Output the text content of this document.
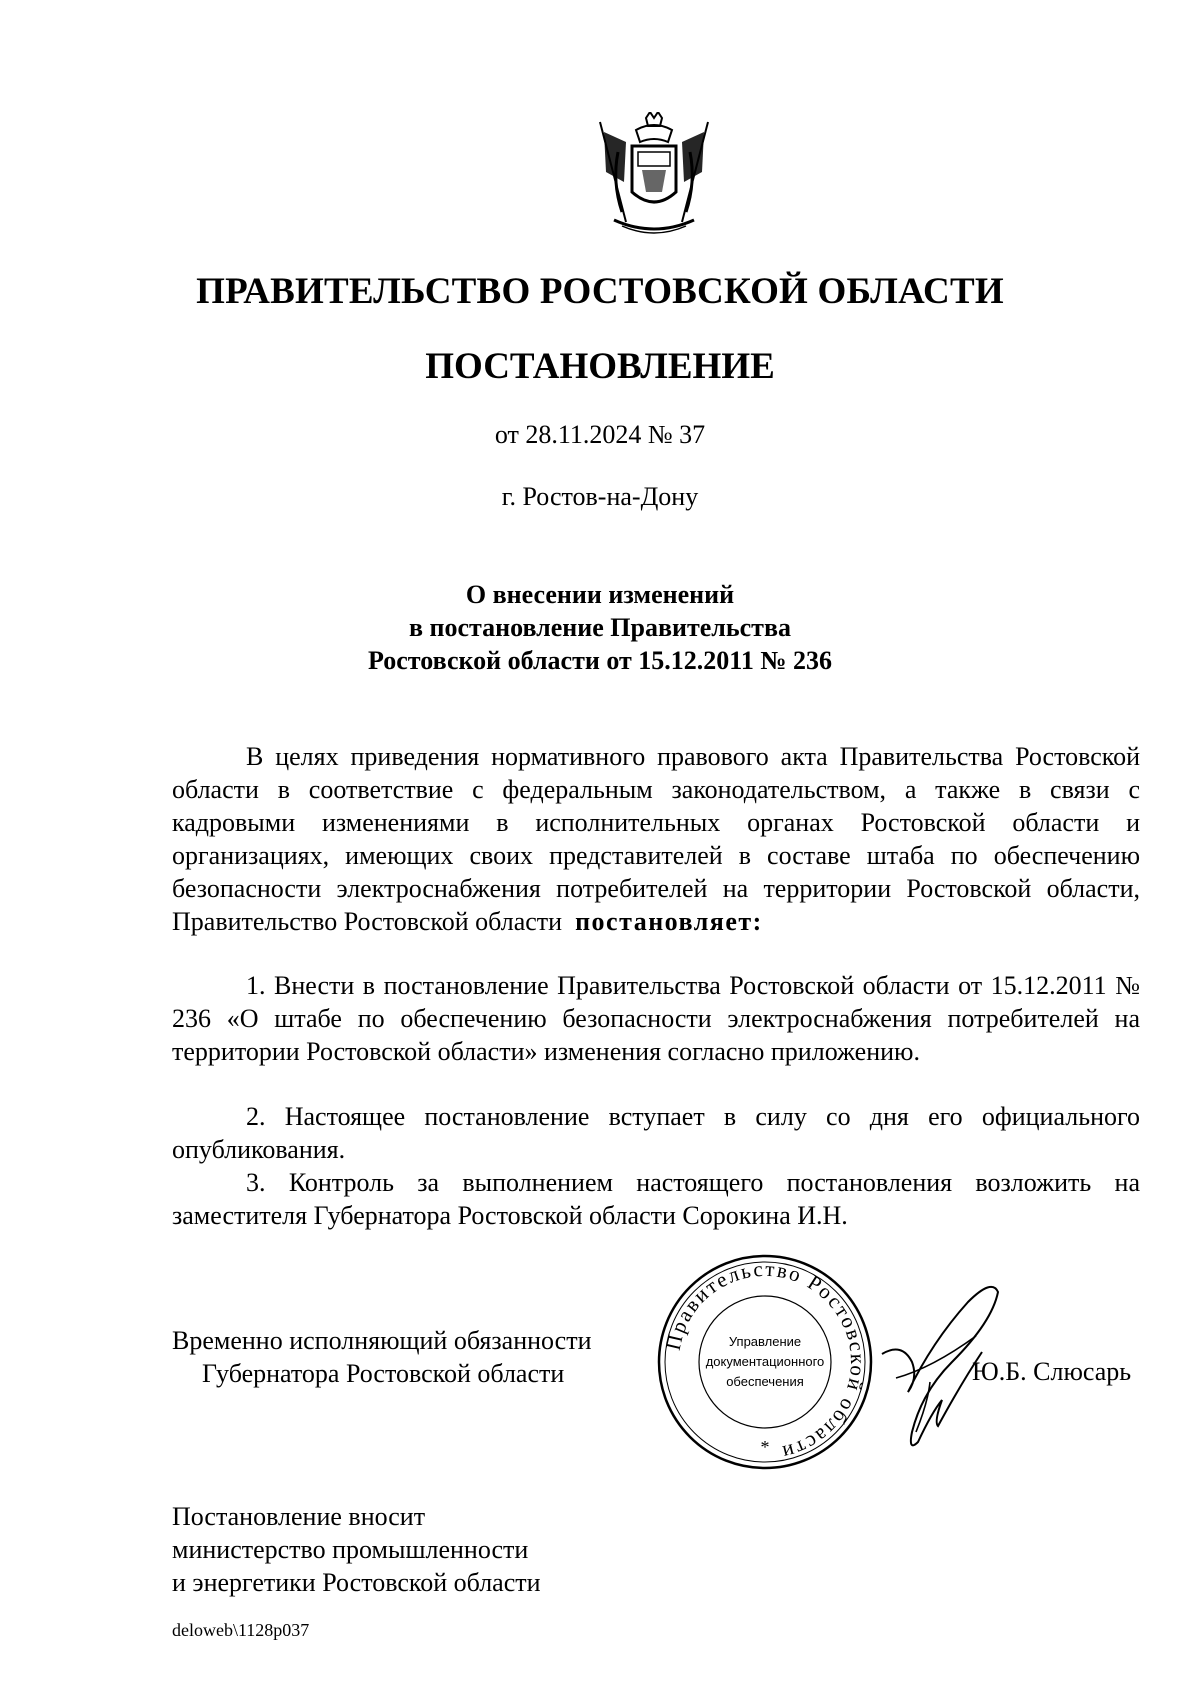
ПРАВИТЕЛЬСТВО РОСТОВСКОЙ ОБЛАСТИ
ПОСТАНОВЛЕНИЕ
от 28.11.2024 № 37
г. Ростов-на-Дону
О внесении изменений
в постановление Правительства
Ростовской области от 15.12.2011 № 236
В целях приведения нормативного правового акта Правительства Ростовской области в соответствие с федеральным законодательством, а также в связи с кадровыми изменениями в исполнительных органах Ростовской области и организациях, имеющих своих представителей в составе штаба по обеспечению безопасности электроснабжения потребителей на территории Ростовской области, Правительство Ростовской области постановляет:
1. Внести в постановление Правительства Ростовской области от 15.12.2011 № 236 «О штабе по обеспечению безопасности электроснабжения потребителей на территории Ростовской области» изменения согласно приложению.
2. Настоящее постановление вступает в силу со дня его официального опубликования.
3. Контроль за выполнением настоящего постановления возложить на заместителя Губернатора Ростовской области Сорокина И.Н.
Временно исполняющий обязанности
Губернатора Ростовской области
Правительство Ростовской области
Управление
документационного
обеспечения
*
Ю.Б. Слюсарь
Постановление вносит
министерство промышленности
и энергетики Ростовской области
deloweb\1128p037
